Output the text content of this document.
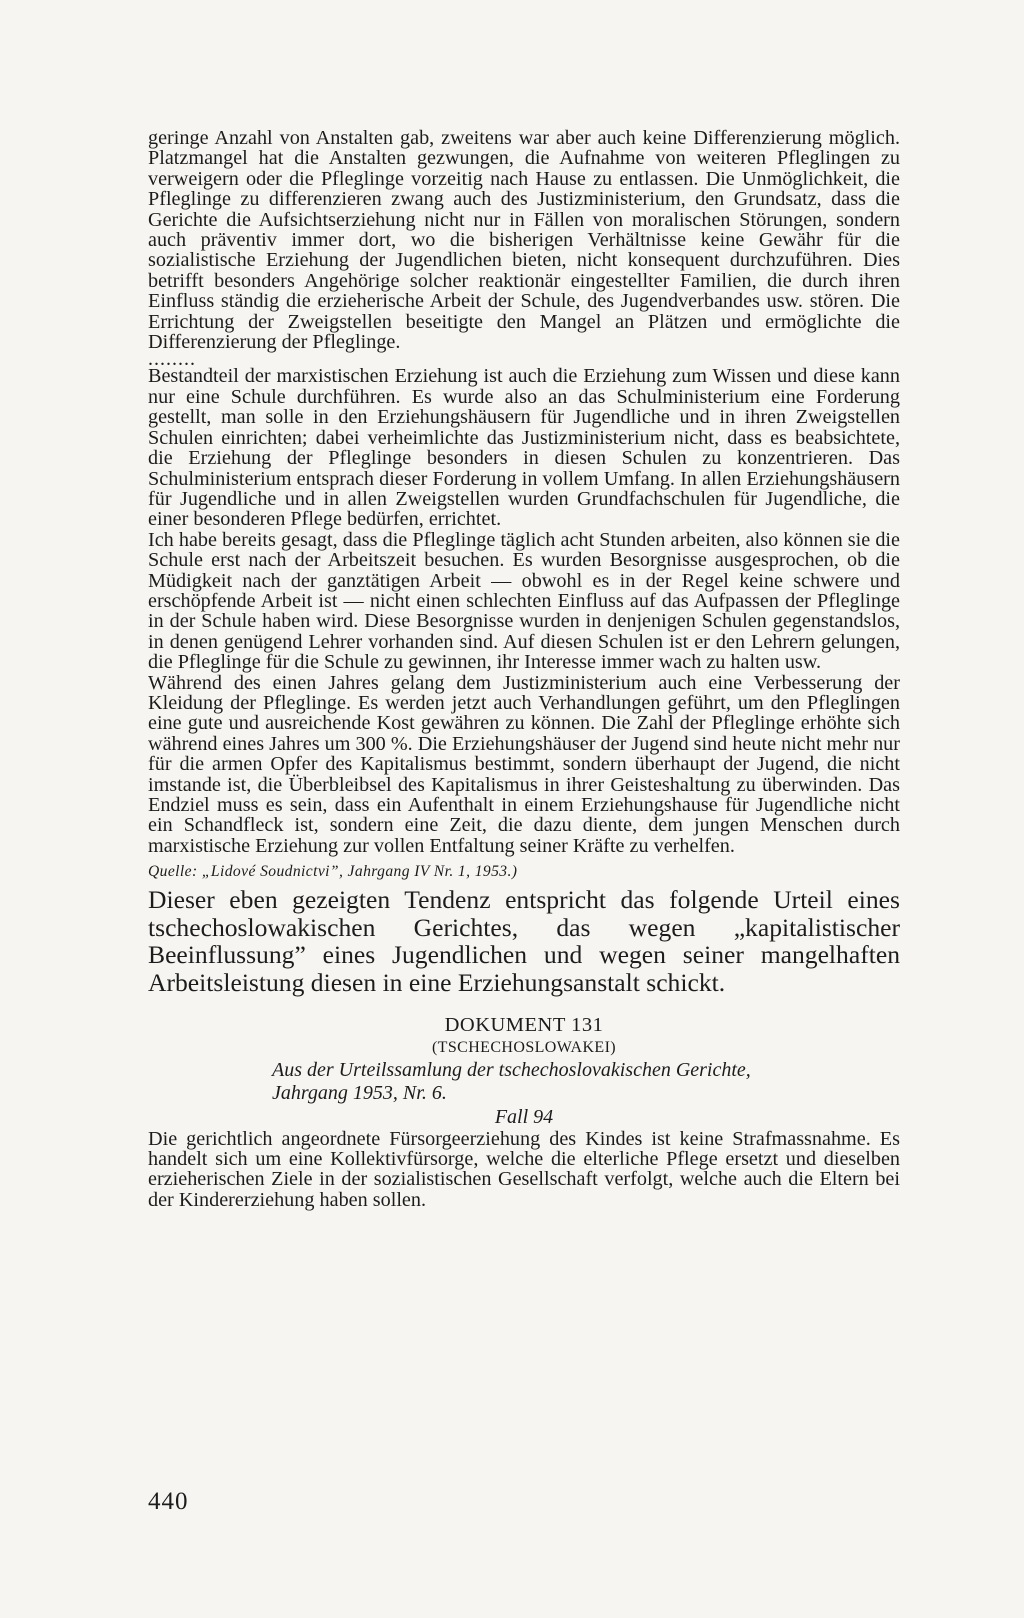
geringe Anzahl von Anstalten gab, zweitens war aber auch keine Differenzierung möglich. Platzmangel hat die Anstalten gezwungen, die Aufnahme von weiteren Pfleglingen zu verweigern oder die Pfleglinge vorzeitig nach Hause zu entlassen. Die Unmöglichkeit, die Pfleglinge zu differenzieren zwang auch des Justizministerium, den Grundsatz, dass die Gerichte die Aufsichtserziehung nicht nur in Fällen von moralischen Störungen, sondern auch präventiv immer dort, wo die bisherigen Verhältnisse keine Gewähr für die sozialistische Erziehung der Jugendlichen bieten, nicht konsequent durchzuführen. Dies betrifft besonders Angehörige solcher reaktionär eingestellter Familien, die durch ihren Einfluss ständig die erzieherische Arbeit der Schule, des Jugendverbandes usw. stören. Die Errichtung der Zweigstellen beseitigte den Mangel an Plätzen und ermöglichte die Differenzierung der Pfleglinge.

........

Bestandteil der marxistischen Erziehung ist auch die Erziehung zum Wissen und diese kann nur eine Schule durchführen. Es wurde also an das Schulministerium eine Forderung gestellt, man solle in den Erziehungshäusern für Jugendliche und in ihren Zweigstellen Schulen einrichten; dabei verheimlichte das Justizministerium nicht, dass es beabsichtete, die Erziehung der Pfleglinge besonders in diesen Schulen zu konzentrieren. Das Schulministerium entsprach dieser Forderung in vollem Umfang. In allen Erziehungshäusern für Jugendliche und in allen Zweigstellen wurden Grundfachschulen für Jugendliche, die einer besonderen Pflege bedürfen, errichtet.

Ich habe bereits gesagt, dass die Pfleglinge täglich acht Stunden arbeiten, also können sie die Schule erst nach der Arbeitszeit besuchen. Es wurden Besorgnisse ausgesprochen, ob die Müdigkeit nach der ganztätigen Arbeit — obwohl es in der Regel keine schwere und erschöpfende Arbeit ist — nicht einen schlechten Einfluss auf das Aufpassen der Pfleglinge in der Schule haben wird. Diese Besorgnisse wurden in denjenigen Schulen gegenstandslos, in denen genügend Lehrer vorhanden sind. Auf diesen Schulen ist er den Lehrern gelungen, die Pfleglinge für die Schule zu gewinnen, ihr Interesse immer wach zu halten usw.

Während des einen Jahres gelang dem Justizministerium auch eine Verbesserung der Kleidung der Pfleglinge. Es werden jetzt auch Verhandlungen geführt, um den Pfleglingen eine gute und ausreichende Kost gewähren zu können. Die Zahl der Pfleglinge erhöhte sich während eines Jahres um 300 %. Die Erziehungshäuser der Jugend sind heute nicht mehr nur für die armen Opfer des Kapitalismus bestimmt, sondern überhaupt der Jugend, die nicht imstande ist, die Überbleibsel des Kapitalismus in ihrer Geisteshaltung zu überwinden. Das Endziel muss es sein, dass ein Aufenthalt in einem Erziehungshause für Jugendliche nicht ein Schandfleck ist, sondern eine Zeit, die dazu diente, dem jungen Menschen durch marxistische Erziehung zur vollen Entfaltung seiner Kräfte zu verhelfen.

Quelle: „Lidové Soudnictvi”, Jahrgang IV Nr. 1, 1953.)

Dieser eben gezeigten Tendenz entspricht das folgende Urteil eines tschechoslowakischen Gerichtes, das wegen „kapitalistischer Beeinflussung” eines Jugendlichen und wegen seiner mangelhaften Arbeitsleistung diesen in eine Erziehungsanstalt schickt.

DOKUMENT 131

(TSCHECHOSLOWAKEI)

Aus der Urteilssamlung der tschechoslovakischen Gerichte,

Jahrgang 1953, Nr. 6.

Fall 94

Die gerichtlich angeordnete Fürsorgeerziehung des Kindes ist keine Strafmassnahme. Es handelt sich um eine Kollektivfürsorge, welche die elterliche Pflege ersetzt und dieselben erzieherischen Ziele in der sozialistischen Gesellschaft verfolgt, welche auch die Eltern bei der Kindererziehung haben sollen.

440
